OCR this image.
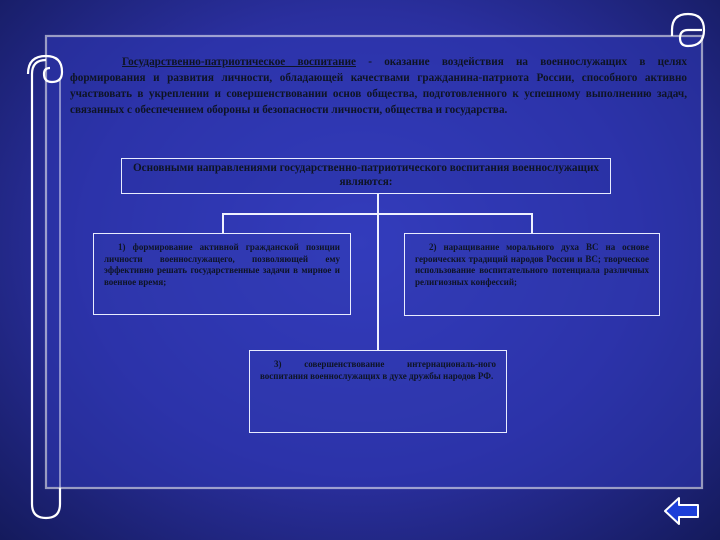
Государственно-патриотическое воспитание - оказание воздействия на военнослужащих в целях формирования и развития личности, обладающей качествами гражданина-патриота России, способного активно участвовать в укреплении и совершенствовании основ общества, подготовленного к успешному выполнению задач, связанных с обеспечением обороны и безопасности личности, общества и государства.
Основными направлениями государственно-патриотического воспитания военнослужащих являются:
1) формирование активной гражданской позиции личности военнослужащего, позволяющей ему эффективно решать государственные задачи в мирное и военное время;
2) наращивание морального духа ВС на основе героических традиций народов России и ВС; творческое использование воспитательного потенциала различных религиозных конфессий;
3) совершенствование интернациональ-ного воспитания военнослужащих в духе дружбы народов РФ.
